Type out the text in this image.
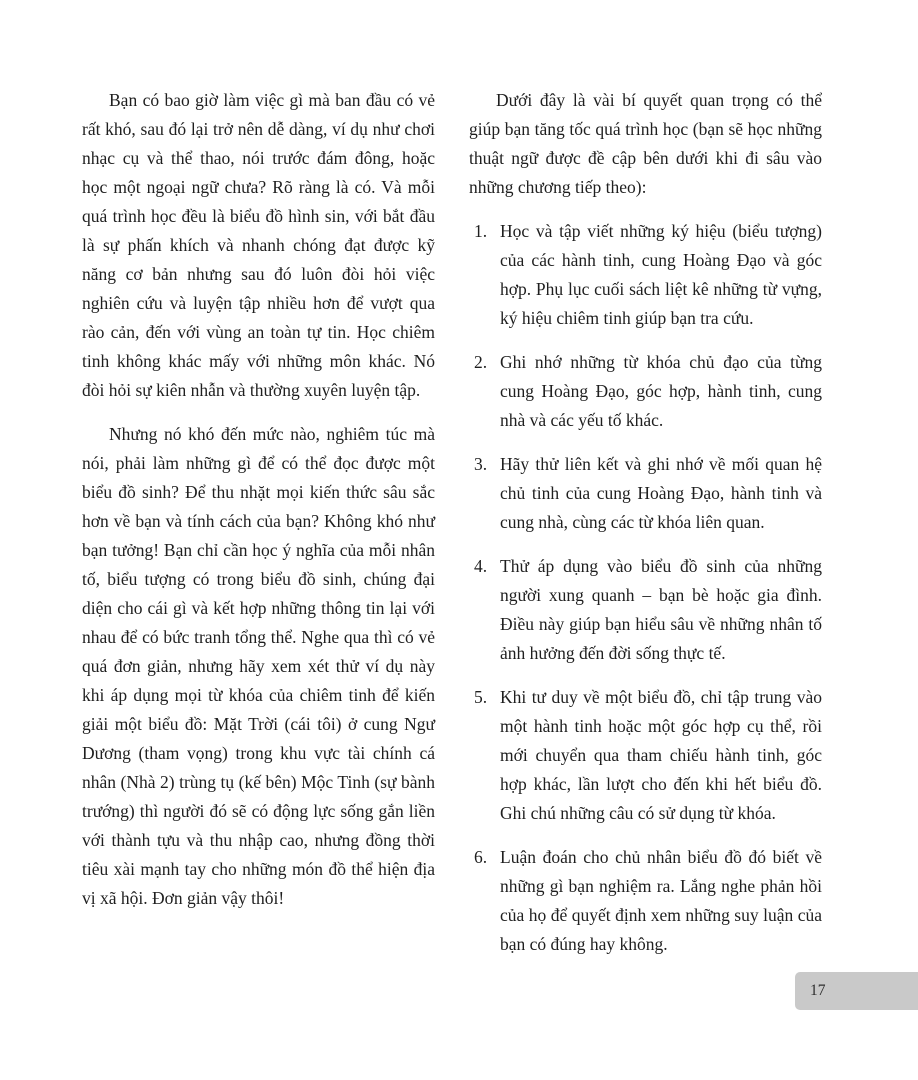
Bạn có bao giờ làm việc gì mà ban đầu có vẻ rất khó, sau đó lại trở nên dễ dàng, ví dụ như chơi nhạc cụ và thể thao, nói trước đám đông, hoặc học một ngoại ngữ chưa? Rõ ràng là có. Và mỗi quá trình học đều là biểu đồ hình sin, với bắt đầu là sự phấn khích và nhanh chóng đạt được kỹ năng cơ bản nhưng sau đó luôn đòi hỏi việc nghiên cứu và luyện tập nhiều hơn để vượt qua rào cản, đến với vùng an toàn tự tin. Học chiêm tinh không khác mấy với những môn khác. Nó đòi hỏi sự kiên nhẫn và thường xuyên luyện tập.

Nhưng nó khó đến mức nào, nghiêm túc mà nói, phải làm những gì để có thể đọc được một biểu đồ sinh? Để thu nhặt mọi kiến thức sâu sắc hơn về bạn và tính cách của bạn? Không khó như bạn tưởng! Bạn chỉ cần học ý nghĩa của mỗi nhân tố, biểu tượng có trong biểu đồ sinh, chúng đại diện cho cái gì và kết hợp những thông tin lại với nhau để có bức tranh tổng thể. Nghe qua thì có vẻ quá đơn giản, nhưng hãy xem xét thử ví dụ này khi áp dụng mọi từ khóa của chiêm tinh để kiến giải một biểu đồ: Mặt Trời (cái tôi) ở cung Ngư Dương (tham vọng) trong khu vực tài chính cá nhân (Nhà 2) trùng tụ (kế bên) Mộc Tinh (sự bành trướng) thì người đó sẽ có động lực sống gắn liền với thành tựu và thu nhập cao, nhưng đồng thời tiêu xài mạnh tay cho những món đồ thể hiện địa vị xã hội. Đơn giản vậy thôi!

Dưới đây là vài bí quyết quan trọng có thể giúp bạn tăng tốc quá trình học (bạn sẽ học những thuật ngữ được đề cập bên dưới khi đi sâu vào những chương tiếp theo):

Học và tập viết những ký hiệu (biểu tượng) của các hành tinh, cung Hoàng Đạo và góc hợp. Phụ lục cuối sách liệt kê những từ vựng, ký hiệu chiêm tinh giúp bạn tra cứu.
Ghi nhớ những từ khóa chủ đạo của từng cung Hoàng Đạo, góc hợp, hành tinh, cung nhà và các yếu tố khác.
Hãy thử liên kết và ghi nhớ về mối quan hệ chủ tinh của cung Hoàng Đạo, hành tinh và cung nhà, cùng các từ khóa liên quan.
Thử áp dụng vào biểu đồ sinh của những người xung quanh – bạn bè hoặc gia đình. Điều này giúp bạn hiểu sâu về những nhân tố ảnh hưởng đến đời sống thực tế.
Khi tư duy về một biểu đồ, chỉ tập trung vào một hành tinh hoặc một góc hợp cụ thể, rồi mới chuyển qua tham chiếu hành tinh, góc hợp khác, lần lượt cho đến khi hết biểu đồ. Ghi chú những câu có sử dụng từ khóa.
Luận đoán cho chủ nhân biểu đồ đó biết về những gì bạn nghiệm ra. Lắng nghe phản hồi của họ để quyết định xem những suy luận của bạn có đúng hay không.
17
